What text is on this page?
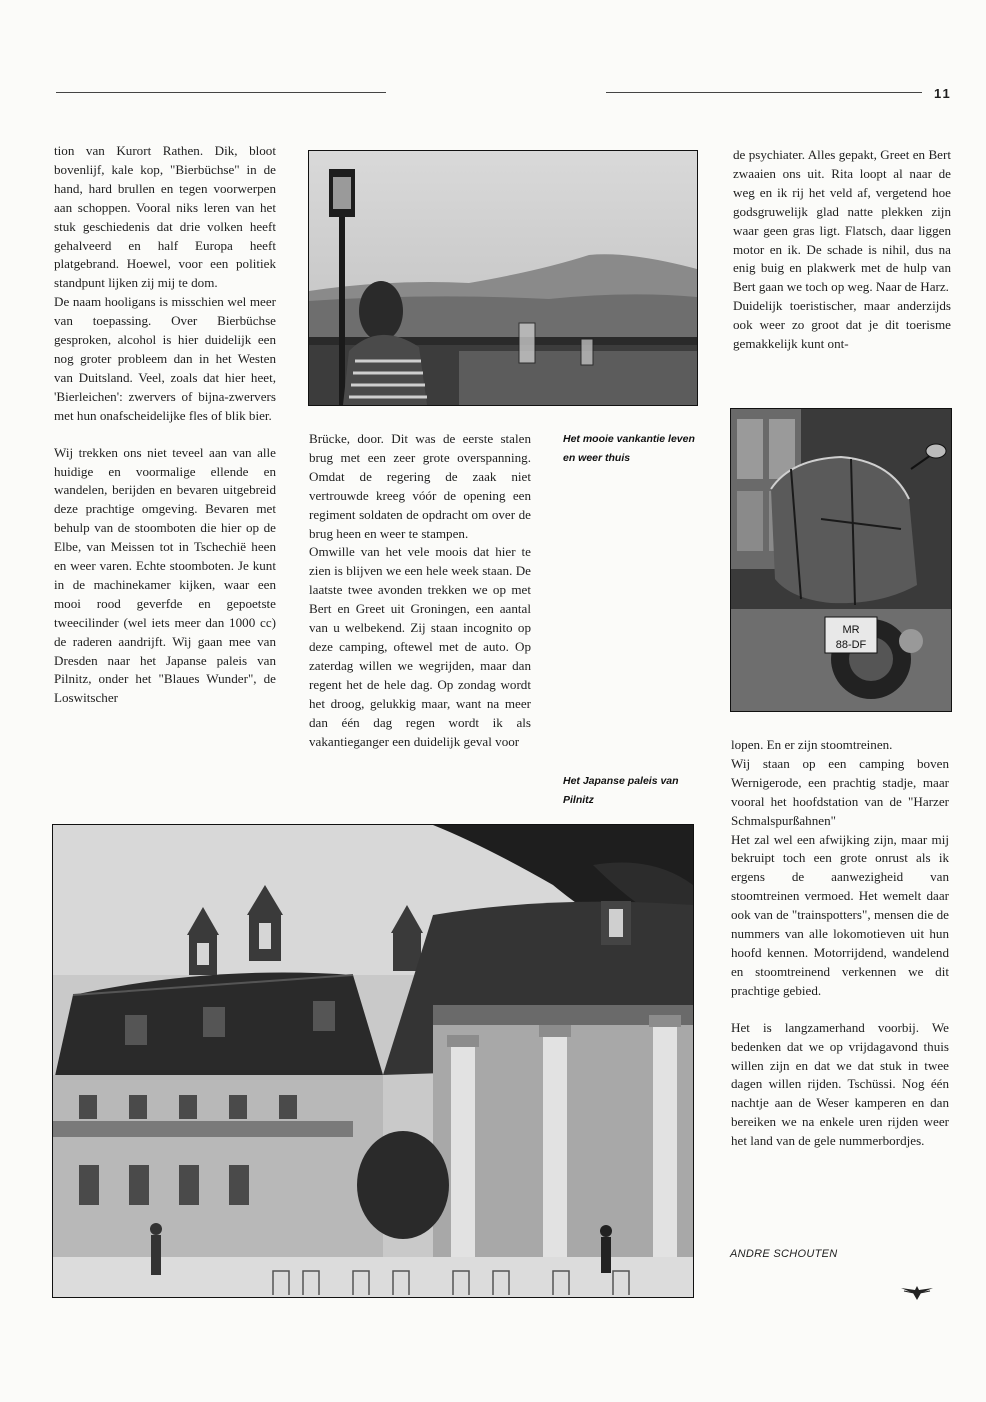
11

tion van Kurort Rathen. Dik, bloot bovenlijf, kale kop, "Bierbüchse" in de hand, hard brullen en tegen voorwerpen aan schoppen. Vooral niks leren van het stuk geschiedenis dat drie volken heeft gehalveerd en half Europa heeft platgebrand. Hoewel, voor een politiek standpunt lijken zij mij te dom.

De naam hooligans is misschien wel meer van toepassing. Over Bierbüchse gesproken, alcohol is hier duidelijk een nog groter probleem dan in het Westen van Duitsland. Veel, zoals dat hier heet, 'Bierleichen': zwervers of bijna-zwervers met hun onafscheidelijke fles of blik bier.

Wij trekken ons niet teveel aan van alle huidige en voormalige ellende en wandelen, berijden en bevaren uitgebreid deze prachtige omgeving. Bevaren met behulp van de stoomboten die hier op de Elbe, van Meissen tot in Tschechië heen en weer varen. Echte stoomboten. Je kunt in de machinekamer kijken, waar een mooi rood geverfde en gepoetste tweecilinder (wel iets meer dan 1000 cc) de raderen aandrijft. Wij gaan mee van Dresden naar het Japanse paleis van Pilnitz, onder het "Blaues Wunder", de Loswitscher

Brücke, door. Dit was de eerste stalen brug met een zeer grote overspanning. Omdat de regering de zaak niet vertrouwde kreeg vóór de opening een regiment soldaten de opdracht om over de brug heen en weer te stampen.

Omwille van het vele moois dat hier te zien is blijven we een hele week staan. De laatste twee avonden trekken we op met Bert en Greet uit Groningen, een aantal van u welbekend. Zij staan incognito op deze camping, oftewel met de auto. Op zaterdag willen we wegrijden, maar dan regent het de hele dag. Op zondag wordt het droog, gelukkig maar, want na meer dan één dag regen wordt ik als vakantieganger een duidelijk geval voor

Het mooie vankantie leven en weer thuis
Het Japanse paleis van Pilnitz

de psychiater. Alles gepakt, Greet en Bert zwaaien ons uit. Rita loopt al naar de weg en ik rij het veld af, vergetend hoe godsgruwelijk glad natte plekken zijn waar geen gras ligt. Flatsch, daar liggen motor en ik. De schade is nihil, dus na enig buig en plakwerk met de hulp van Bert gaan we toch op weg. Naar de Harz.

Duidelijk toeristischer, maar anderzijds ook weer zo groot dat je dit toerisme gemakkelijk kunt ont-

MR
88-DF

lopen. En er zijn stoomtreinen.

Wij staan op een camping boven Wernigerode, een prachtig stadje, maar vooral het hoofdstation van de "Harzer Schmalspurßahnen"

Het zal wel een afwijking zijn, maar mij bekruipt toch een grote onrust als ik ergens de aanwezigheid van stoomtreinen vermoed. Het wemelt daar ook van de "trainspotters", mensen die de nummers van alle lokomotieven uit hun hoofd kennen. Motorrijdend, wandelend en stoomtreinend verkennen we dit prachtige gebied.

Het is langzamerhand voorbij. We bedenken dat we op vrijdagavond thuis willen zijn en dat we dat stuk in twee dagen willen rijden. Tschüssi. Nog één nachtje aan de Weser kamperen en dan bereiken we na enkele uren rijden weer het land van de gele nummerbordjes.

ANDRE SCHOUTEN
